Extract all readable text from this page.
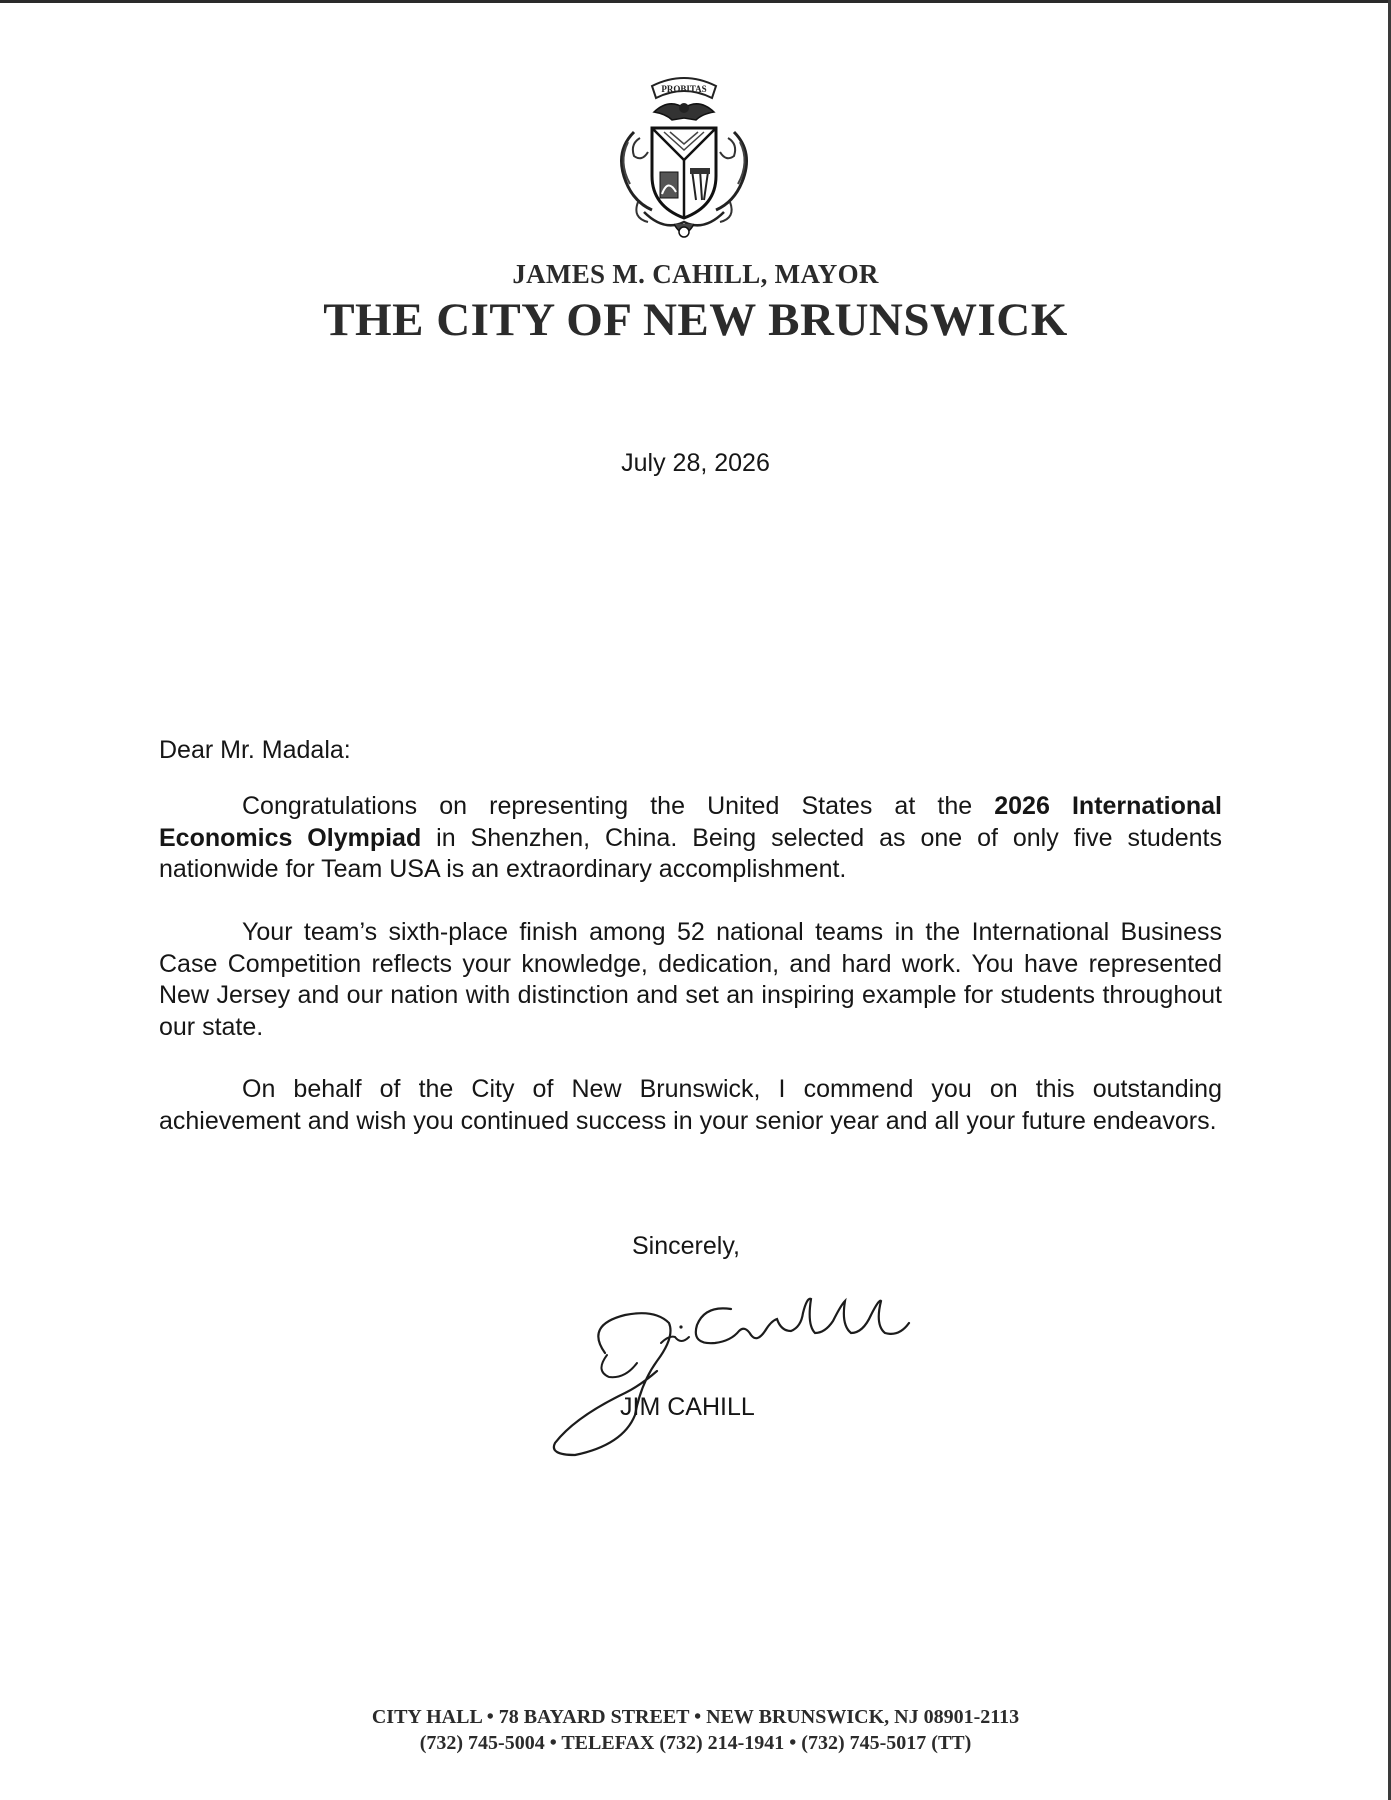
PROBITAS
JAMES M. CAHILL, MAYOR
THE CITY OF NEW BRUNSWICK
July 28, 2026
Dear Mr. Madala:

Congratulations on representing the United States at the 2026 International Economics Olympiad in Shenzhen, China. Being selected as one of only five students nationwide for Team USA is an extraordinary accomplishment.

Your team’s sixth-place finish among 52 national teams in the International Business Case Competition reflects your knowledge, dedication, and hard work. You have represented New Jersey and our nation with distinction and set an inspiring example for students throughout our state.

On behalf of the City of New Brunswick, I commend you on this outstanding achievement and wish you continued success in your senior year and all your future endeavors.

Sincerely,
JIM CAHILL
CITY HALL • 78 BAYARD STREET • NEW BRUNSWICK, NJ 08901-2113
(732) 745-5004 • TELEFAX (732) 214-1941 • (732) 745-5017 (TT)
